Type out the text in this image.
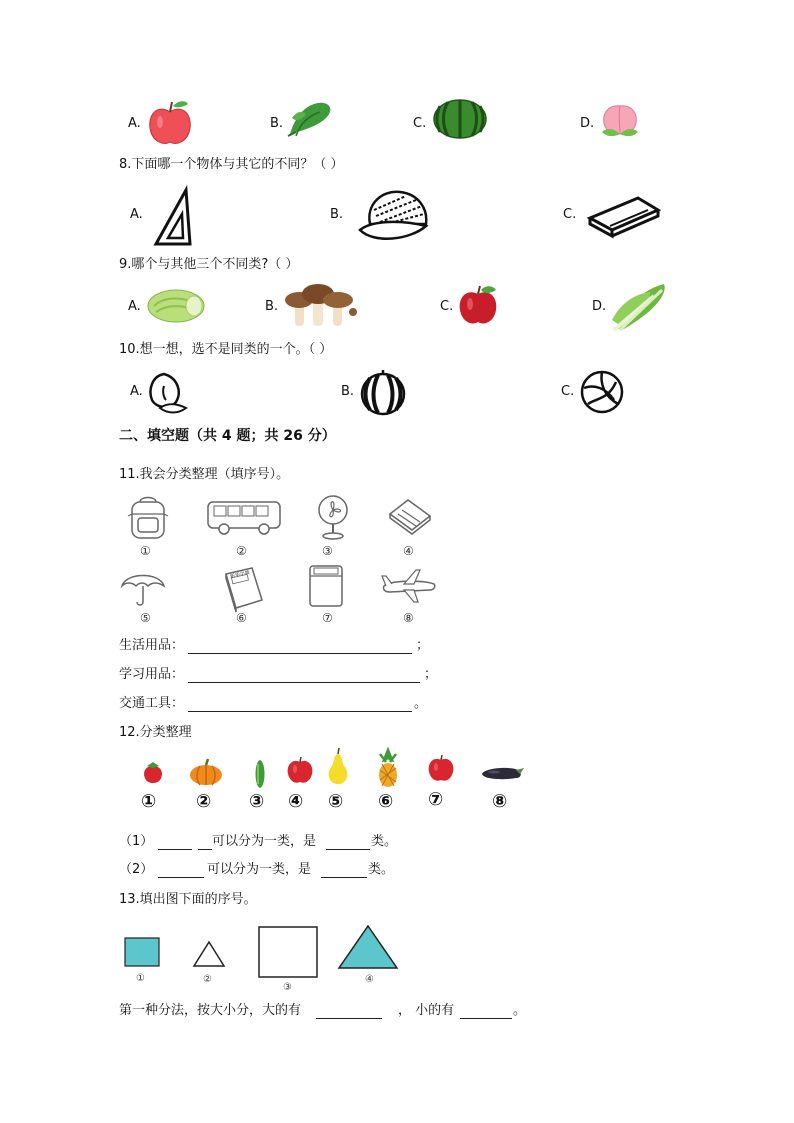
A.	B.	C.	D.
8.下面哪一个物体与其它的不同？（ ）
A.	B.	C.
9.哪个与其他三个不同类?（ ）
A.	B.	C.	D.
10.想一想，选不是同类的一个。（ ）
A.	B.	C.
二、填空题（共 4 题；共 26 分）
11.我会分类整理（填序号）。
①	②	③	④
新华字典
⑤	⑥	⑦	⑧
生活用品：	；
学习用品：	；
交通工具：	。
12.分类整理
① ② ③ ④ ⑤ ⑥ ⑦	⑧
（1）	可以分为一类，是	类。
（2）	可以分为一类，是	类。
13.填出图下面的序号。
①	②
③
④
第一种分法，按大小分，大的有	， 小的有	。
